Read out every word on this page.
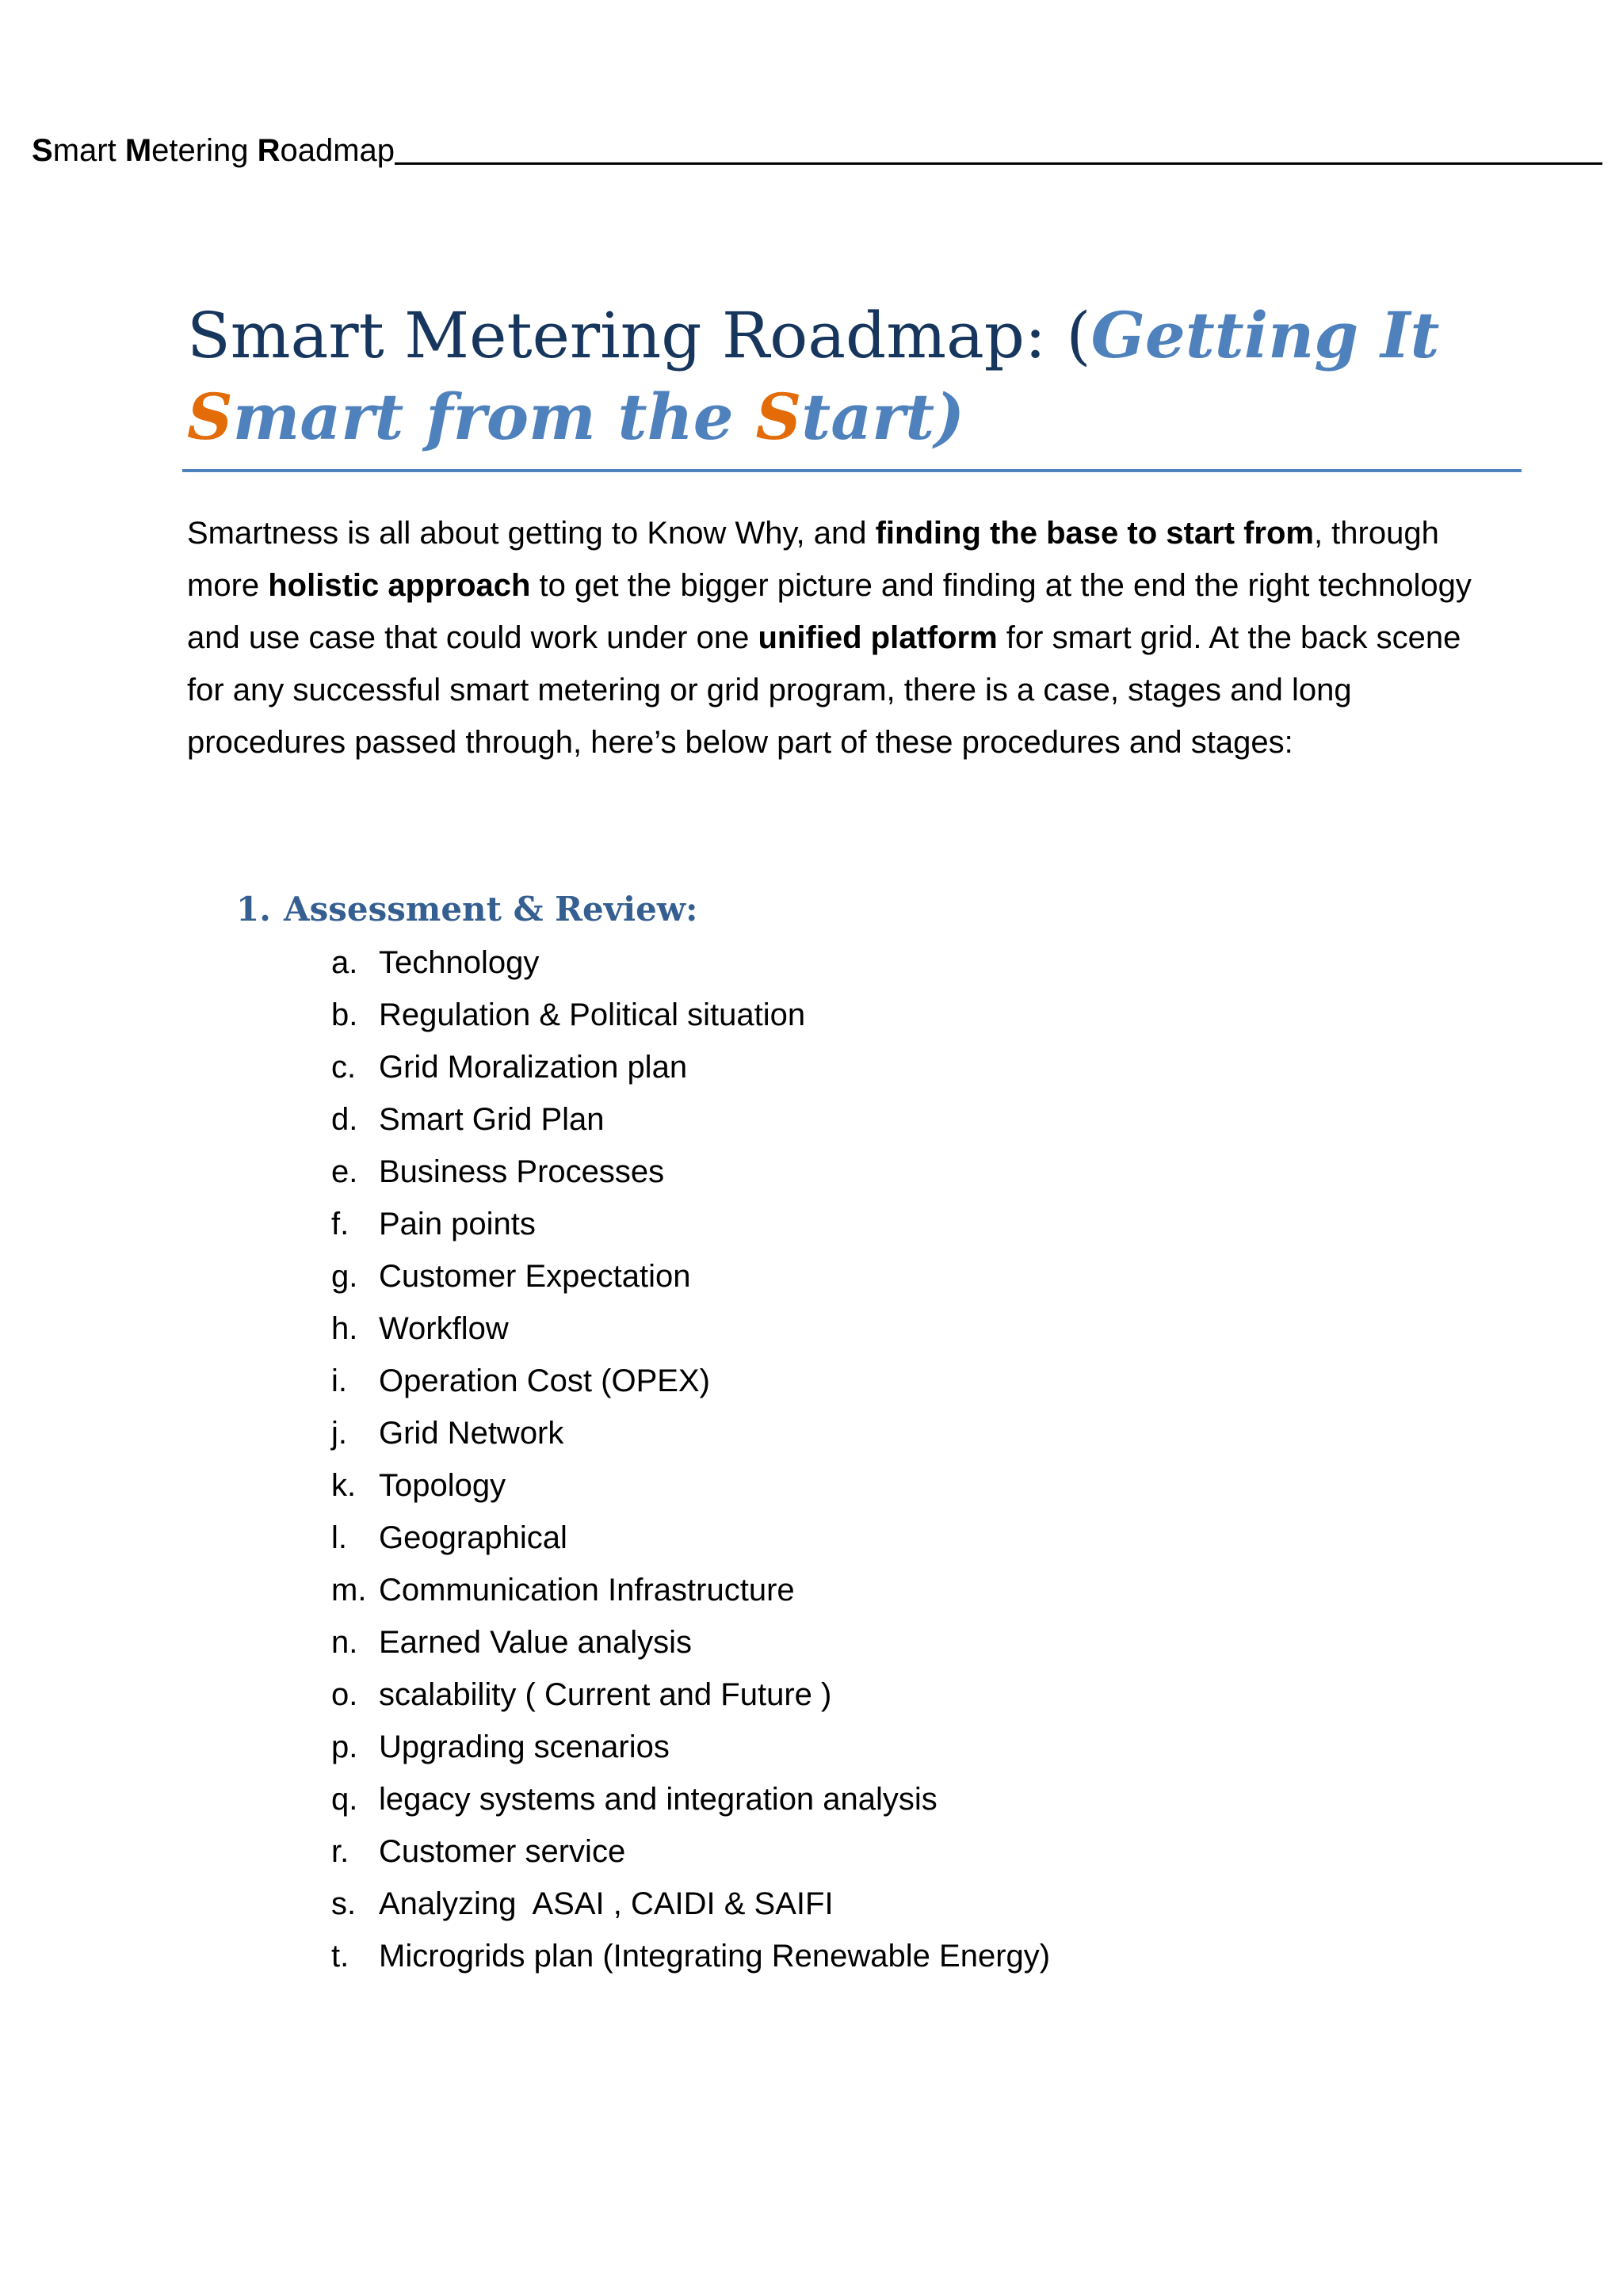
Smart Metering Roadmap
Smart Metering Roadmap: (Getting It
Smart from the Start)

Smartness is all about getting to Know Why, and finding the base to start from, through more holistic approach to get the bigger picture and finding at the end the right technology and use case that could work under one unified platform for smart grid. At the back scene for any successful smart metering or grid program, there is a case, stages and long procedures passed through, here’s below part of these procedures and stages:

1. Assessment & Review:
a. Technology
b. Regulation & Political situation
c. Grid Moralization plan
d. Smart Grid Plan
e. Business Processes
f. Pain points
g. Customer Expectation
h. Workflow
i.	Operation Cost (OPEX)
j.	Grid Network
k. Topology
l.	Geographical
m. Communication Infrastructure
n. Earned Value analysis
o. scalability ( Current and Future )
p. Upgrading scenarios
q. legacy systems and integration analysis
r. Customer service
s. Analyzing  ASAI , CAIDI & SAIFI
t. Microgrids plan (Integrating Renewable Energy)
